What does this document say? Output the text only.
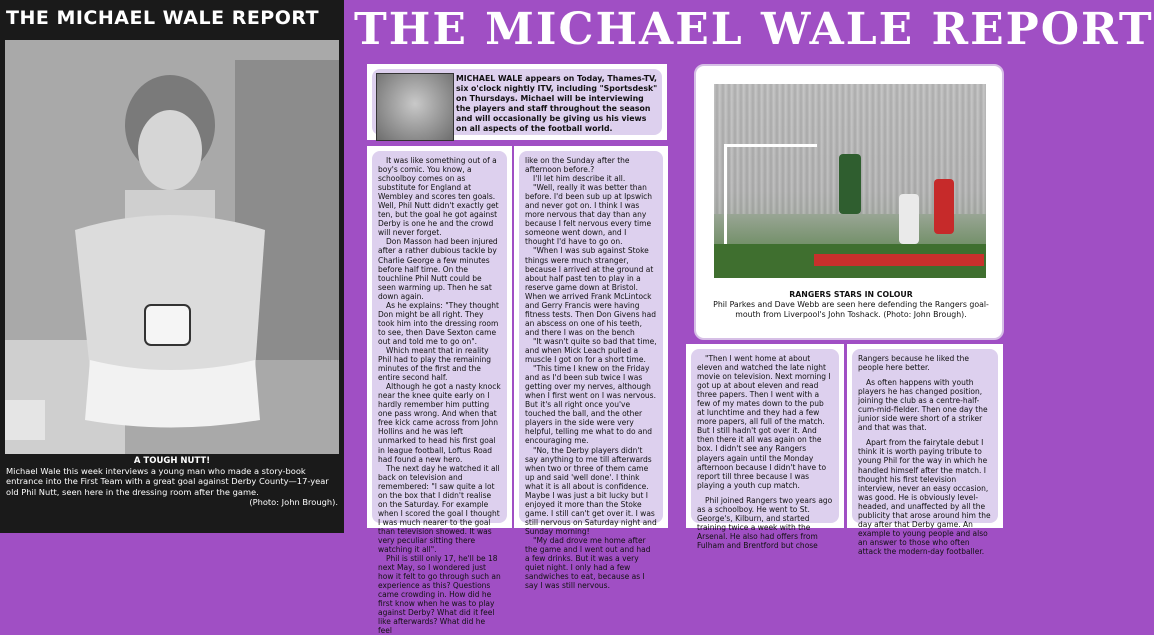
THE MICHAEL WALE REPORT
A TOUGH NUTT!
Michael Wale this week interviews a young man who made a story-book entrance into the First Team with a great goal against Derby County—17-year old Phil Nutt, seen here in the dressing room after the game.
(Photo: John Brough).
THE MICHAEL WALE REPORT
MICHAEL WALE appears on Today, Thames-TV, six o'clock nightly ITV, including "Sportsdesk" on Thursdays. Michael will be interviewing the players and staff throughout the season and will occasionally be giving us his views on all aspects of the football world.

It was like something out of a boy's comic. You know, a schoolboy comes on as substitute for England at Wembley and scores ten goals. Well, Phil Nutt didn't exactly get ten, but the goal he got against Derby is one he and the crowd will never forget.

Don Masson had been injured after a rather dubious tackle by Charlie George a few minutes before half time. On the touchline Phil Nutt could be seen warming up. Then he sat down again.

As he explains: "They thought Don might be all right. They took him into the dressing room to see, then Dave Sexton came out and told me to go on".

Which meant that in reality Phil had to play the remaining minutes of the first and the entire second half.

Although he got a nasty knock near the knee quite early on I hardly remember him putting one pass wrong. And when that free kick came across from John Hollins and he was left unmarked to head his first goal in league football, Loftus Road had found a new hero.

The next day he watched it all back on television and remembered: "I saw quite a lot on the box that I didn't realise on the Saturday. For example when I scored the goal I thought I was much nearer to the goal than television showed. It was very peculiar sitting there watching it all".

Phil is still only 17, he'll be 18 next May, so I wondered just how it felt to go through such an experience as this? Questions came crowding in. How did he first know when he was to play against Derby? What did it feel like afterwards? What did he feel

like on the Sunday after the afternoon before.?

I'll let him describe it all.

"Well, really it was better than before. I'd been sub up at Ipswich and never got on. I think I was more nervous that day than any because I felt nervous every time someone went down, and I thought I'd have to go on.

"When I was sub against Stoke things were much stranger, because I arrived at the ground at about half past ten to play in a reserve game down at Bristol. When we arrived Frank McLintock and Gerry Francis were having fitness tests. Then Don Givens had an abscess on one of his teeth, and there I was on the bench

"It wasn't quite so bad that time, and when Mick Leach pulled a muscle I got on for a short time.

"This time I knew on the Friday and as I'd been sub twice I was getting over my nerves, although when I first went on I was nervous. But it's all right once you've touched the ball, and the other players in the side were very helpful, telling me what to do and encouraging me.

"No, the Derby players didn't say anything to me till afterwards when two or three of them came up and said 'well done'. I think what it is all about is confidence. Maybe I was just a bit lucky but I enjoyed it more than the Stoke game. I still can't get over it. I was still nervous on Saturday night and Sunday morning!

"My dad drove me home after the game and I went out and had a few drinks. But it was a very quiet night. I only had a few sandwiches to eat, because as I say I was still nervous.

RANGERS STARS IN COLOUR
Phil Parkes and Dave Webb are seen here defending the Rangers goal-mouth from Liverpool's John Toshack. (Photo: John Brough).

"Then I went home at about eleven and watched the late night movie on television. Next morning I got up at about eleven and read three papers. Then I went with a few of my mates down to the pub at lunchtime and they had a few more papers, all full of the match. But I still hadn't got over it. And then there it all was again on the box. I didn't see any Rangers players again until the Monday afternoon because I didn't have to report till three because I was playing a youth cup match.

Phil joined Rangers two years ago as a schoolboy. He went to St. George's, Kilburn, and started training twice a week with the Arsenal. He also had offers from Fulham and Brentford but chose

Rangers because he liked the people here better.

As often happens with youth players he has changed position, joining the club as a centre-half-cum-mid-fielder. Then one day the junior side were short of a striker and that was that.

Apart from the fairytale debut I think it is worth paying tribute to young Phil for the way in which he handled himself after the match. I thought his first television interview, never an easy occasion, was good. He is obviously level-headed, and unaffected by all the publicity that arose around him the day after that Derby game. An example to young people and also an answer to those who often attack the modern-day footballer.
